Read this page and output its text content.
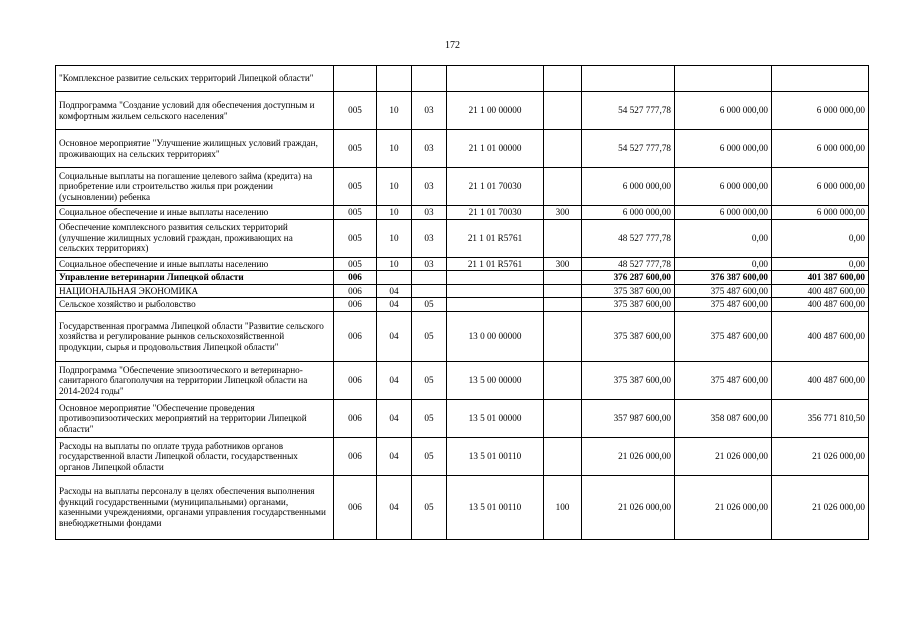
172
"Комплексное развитие сельских территорий Липецкой области"								
Подпрограмма "Создание условий для обеспечения доступным и комфортным жильем сельского населения"	005	10	03	21 1 00 00000		54 527 777,78	6 000 000,00	6 000 000,00
Основное мероприятие "Улучшение жилищных условий граждан, проживающих на сельских территориях"	005	10	03	21 1 01 00000		54 527 777,78	6 000 000,00	6 000 000,00
Социальные выплаты на погашение целевого займа (кредита) на приобретение или строительство жилья при рождении (усыновлении) ребенка	005	10	03	21 1 01 70030		6 000 000,00	6 000 000,00	6 000 000,00
Социальное обеспечение и иные выплаты населению	005	10	03	21 1 01 70030	300	6 000 000,00	6 000 000,00	6 000 000,00
Обеспечение комплексного развития сельских территорий (улучшение жилищных условий граждан, проживающих на сельских территориях)	005	10	03	21 1 01 R5761		48 527 777,78	0,00	0,00
Социальное обеспечение и иные выплаты населению	005	10	03	21 1 01 R5761	300	48 527 777,78	0,00	0,00
Управление ветеринарии Липецкой области	006					376 287 600,00	376 387 600,00	401 387 600,00
НАЦИОНАЛЬНАЯ ЭКОНОМИКА	006	04				375 387 600,00	375 487 600,00	400 487 600,00
Сельское хозяйство и рыболовство	006	04	05			375 387 600,00	375 487 600,00	400 487 600,00
Государственная программа Липецкой области "Развитие сельского хозяйства и регулирование рынков сельскохозяйственной продукции, сырья и продовольствия Липецкой области"	006	04	05	13 0 00 00000		375 387 600,00	375 487 600,00	400 487 600,00
Подпрограмма "Обеспечение эпизоотического и ветеринарно-санитарного благополучия на территории Липецкой области на 2014-2024 годы"	006	04	05	13 5 00 00000		375 387 600,00	375 487 600,00	400 487 600,00
Основное мероприятие "Обеспечение проведения противоэпизоотических мероприятий на территории Липецкой области"	006	04	05	13 5 01 00000		357 987 600,00	358 087 600,00	356 771 810,50
Расходы на выплаты по оплате труда работников органов государственной власти Липецкой области, государственных органов Липецкой области	006	04	05	13 5 01 00110		21 026 000,00	21 026 000,00	21 026 000,00
Расходы на выплаты персоналу в целях обеспечения выполнения функций государственными (муниципальными) органами, казенными учреждениями, органами управления государственными внебюджетными фондами	006	04	05	13 5 01 00110	100	21 026 000,00	21 026 000,00	21 026 000,00
